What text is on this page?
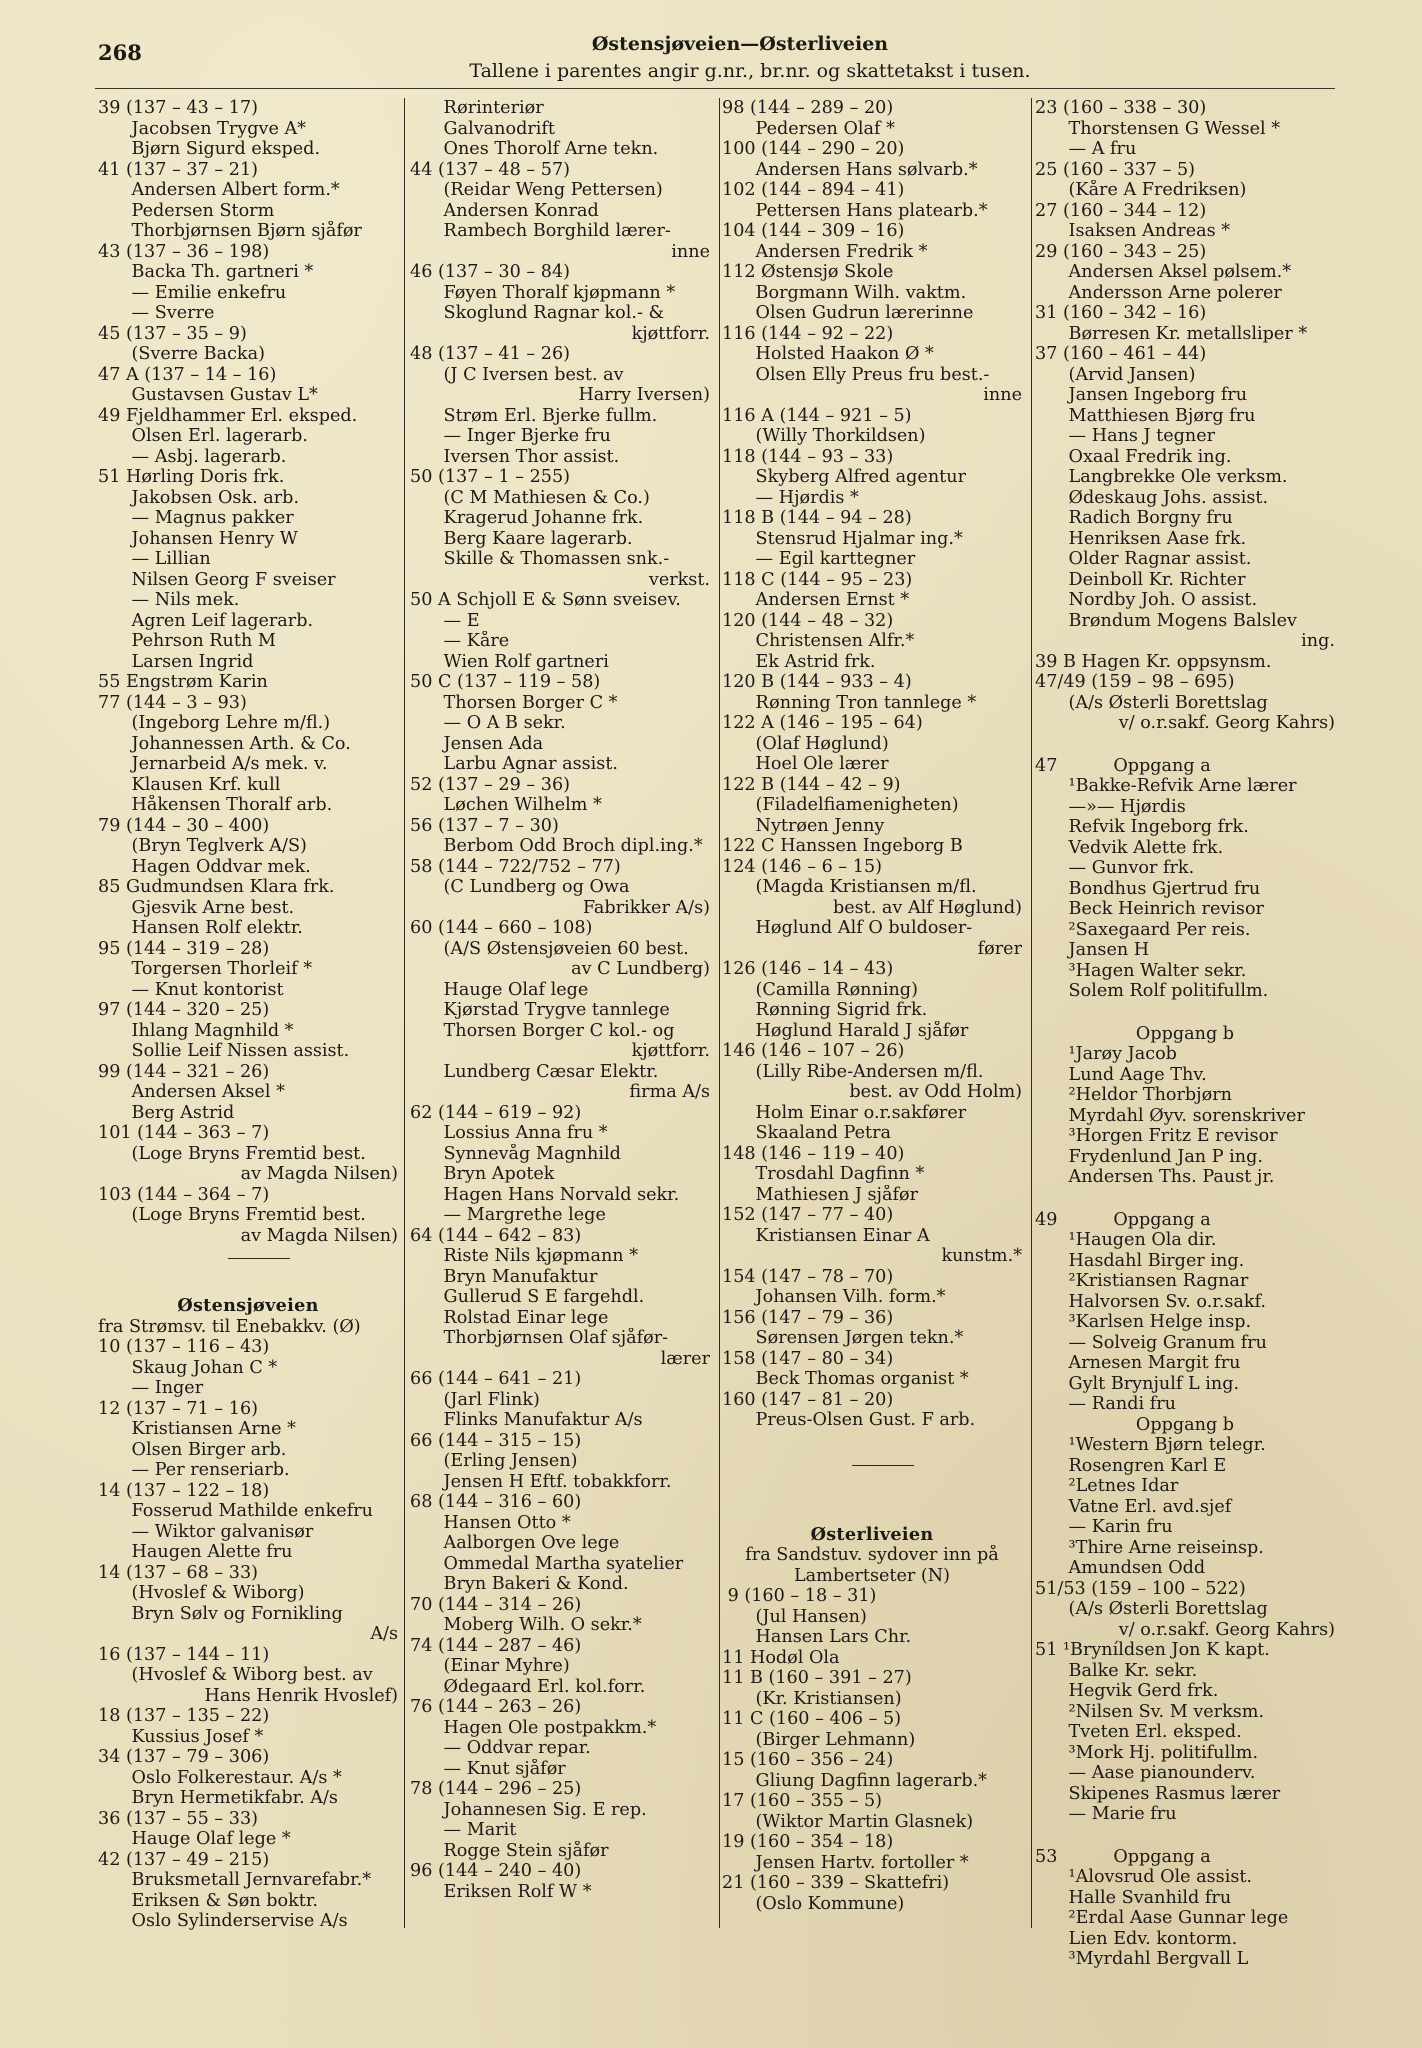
268	Østensjøveien—Østerliveien
Tallene i parentes angir g.nr., br.nr. og skattetakst i tusen.
39 (137 – 43 – 17)
Jacobsen Trygve A*
Bjørn Sigurd eksped.
41 (137 – 37 – 21)
Andersen Albert form.*
Pedersen Storm
Thorbjørnsen Bjørn sjåfør
43 (137 – 36 – 198)
Backa Th. gartneri *
— Emilie enkefru
— Sverre
45 (137 – 35 – 9)
(Sverre Backa)
47 A (137 – 14 – 16)
Gustavsen Gustav L*
49 Fjeldhammer Erl. eksped.
Olsen Erl. lagerarb.
— Asbj. lagerarb.
51 Hørling Doris frk.
Jakobsen Osk. arb.
— Magnus pakker
Johansen Henry W
— Lillian
Nilsen Georg F sveiser
— Nils mek.
Agren Leif lagerarb.
Pehrson Ruth M
Larsen Ingrid
55 Engstrøm Karin
77 (144 – 3 – 93)
(Ingeborg Lehre m/fl.)
Johannessen Arth. & Co.
Jernarbeid A/s mek. v.
Klausen Krf. kull
Håkensen Thoralf arb.
79 (144 – 30 – 400)
(Bryn Teglverk A/S)
Hagen Oddvar mek.
85 Gudmundsen Klara frk.
Gjesvik Arne best.
Hansen Rolf elektr.
95 (144 – 319 – 28)
Torgersen Thorleif *
— Knut kontorist
97 (144 – 320 – 25)
Ihlang Magnhild *
Sollie Leif Nissen assist.
99 (144 – 321 – 26)
Andersen Aksel *
Berg Astrid
101 (144 – 363 – 7)
(Loge Bryns Fremtid best.
av Magda Nilsen)
103 (144 – 364 – 7)
(Loge Bryns Fremtid best.
av Magda Nilsen)
Østensjøveien
fra Strømsv. til Enebakkv. (Ø)
10 (137 – 116 – 43)
Skaug Johan C *
— Inger
12 (137 – 71 – 16)
Kristiansen Arne *
Olsen Birger arb.
— Per renseriarb.
14 (137 – 122 – 18)
Fosserud Mathilde enkefru
— Wiktor galvanisør
Haugen Alette fru
14 (137 – 68 – 33)
(Hvoslef & Wiborg)
Bryn Sølv og Fornikling
A/s
16 (137 – 144 – 11)
(Hvoslef & Wiborg best. av
Hans Henrik Hvoslef)
18 (137 – 135 – 22)
Kussius Josef *
34 (137 – 79 – 306)
Oslo Folkerestaur. A/s *
Bryn Hermetikfabr. A/s
36 (137 – 55 – 33)
Hauge Olaf lege *
42 (137 – 49 – 215)
Bruksmetall Jernvarefabr.*
Eriksen & Søn boktr.
Oslo Sylinderservise A/s
Rørinteriør
Galvanodrift
Ones Thorolf Arne tekn.
44 (137 – 48 – 57)
(Reidar Weng Pettersen)
Andersen Konrad
Rambech Borghild lærer-
inne
46 (137 – 30 – 84)
Føyen Thoralf kjøpmann *
Skoglund Ragnar kol.- &
kjøttforr.
48 (137 – 41 – 26)
(J C Iversen best. av
Harry Iversen)
Strøm Erl. Bjerke fullm.
— Inger Bjerke fru
Iversen Thor assist.
50 (137 – 1 – 255)
(C M Mathiesen & Co.)
Kragerud Johanne frk.
Berg Kaare lagerarb.
Skille & Thomassen snk.-
verkst.
50 A Schjoll E & Sønn sveisev.
— E
— Kåre
Wien Rolf gartneri
50 C (137 – 119 – 58)
Thorsen Borger C *
— O A B sekr.
Jensen Ada
Larbu Agnar assist.
52 (137 – 29 – 36)
Løchen Wilhelm *
56 (137 – 7 – 30)
Berbom Odd Broch dipl.ing.*
58 (144 – 722/752 – 77)
(C Lundberg og Owa
Fabrikker A/s)
60 (144 – 660 – 108)
(A/S Østensjøveien 60 best.
av C Lundberg)
Hauge Olaf lege
Kjørstad Trygve tannlege
Thorsen Borger C kol.- og
kjøttforr.
Lundberg Cæsar Elektr.
firma A/s
62 (144 – 619 – 92)
Lossius Anna fru *
Synnevåg Magnhild
Bryn Apotek
Hagen Hans Norvald sekr.
— Margrethe lege
64 (144 – 642 – 83)
Riste Nils kjøpmann *
Bryn Manufaktur
Gullerud S E fargehdl.
Rolstad Einar lege
Thorbjørnsen Olaf sjåfør-
lærer
66 (144 – 641 – 21)
(Jarl Flink)
Flinks Manufaktur A/s
66 (144 – 315 – 15)
(Erling Jensen)
Jensen H Eftf. tobakkforr.
68 (144 – 316 – 60)
Hansen Otto *
Aalborgen Ove lege
Ommedal Martha syatelier
Bryn Bakeri & Kond.
70 (144 – 314 – 26)
Moberg Wilh. O sekr.*
74 (144 – 287 – 46)
(Einar Myhre)
Ødegaard Erl. kol.forr.
76 (144 – 263 – 26)
Hagen Ole postpakkm.*
— Oddvar repar.
— Knut sjåfør
78 (144 – 296 – 25)
Johannesen Sig. E rep.
— Marit
Rogge Stein sjåfør
96 (144 – 240 – 40)
Eriksen Rolf W *
98 (144 – 289 – 20)
Pedersen Olaf *
100 (144 – 290 – 20)
Andersen Hans sølvarb.*
102 (144 – 894 – 41)
Pettersen Hans platearb.*
104 (144 – 309 – 16)
Andersen Fredrik *
112 Østensjø Skole
Borgmann Wilh. vaktm.
Olsen Gudrun lærerinne
116 (144 – 92 – 22)
Holsted Haakon Ø *
Olsen Elly Preus fru best.-
inne
116 A (144 – 921 – 5)
(Willy Thorkildsen)
118 (144 – 93 – 33)
Skyberg Alfred agentur
— Hjørdis *
118 B (144 – 94 – 28)
Stensrud Hjalmar ing.*
— Egil karttegner
118 C (144 – 95 – 23)
Andersen Ernst *
120 (144 – 48 – 32)
Christensen Alfr.*
Ek Astrid frk.
120 B (144 – 933 – 4)
Rønning Tron tannlege *
122 A (146 – 195 – 64)
(Olaf Høglund)
Hoel Ole lærer
122 B (144 – 42 – 9)
(Filadelfiamenigheten)
Nytrøen Jenny
122 C Hanssen Ingeborg B
124 (146 – 6 – 15)
(Magda Kristiansen m/fl.
best. av Alf Høglund)
Høglund Alf O buldoser-
fører
126 (146 – 14 – 43)
(Camilla Rønning)
Rønning Sigrid frk.
Høglund Harald J sjåfør
146 (146 – 107 – 26)
(Lilly Ribe-Andersen m/fl.
best. av Odd Holm)
Holm Einar o.r.sakfører
Skaaland Petra
148 (146 – 119 – 40)
Trosdahl Dagfinn *
Mathiesen J sjåfør
152 (147 – 77 – 40)
Kristiansen Einar A
kunstm.*
154 (147 – 78 – 70)
Johansen Vilh. form.*
156 (147 – 79 – 36)
Sørensen Jørgen tekn.*
158 (147 – 80 – 34)
Beck Thomas organist *
160 (147 – 81 – 20)
Preus-Olsen Gust. F arb.
Østerliveien
fra Sandstuv. sydover inn på
Lambertseter (N)
9 (160 – 18 – 31)
(Jul Hansen)
Hansen Lars Chr.
11 Hodøl Ola
11 B (160 – 391 – 27)
(Kr. Kristiansen)
11 C (160 – 406 – 5)
(Birger Lehmann)
15 (160 – 356 – 24)
Gliung Dagfinn lagerarb.*
17 (160 – 355 – 5)
(Wiktor Martin Glasnek)
19 (160 – 354 – 18)
Jensen Hartv. fortoller *
21 (160 – 339 – Skattefri)
(Oslo Kommune)
23 (160 – 338 – 30)
Thorstensen G Wessel *
— A fru
25 (160 – 337 – 5)
(Kåre A Fredriksen)
27 (160 – 344 – 12)
Isaksen Andreas *
29 (160 – 343 – 25)
Andersen Aksel pølsem.*
Andersson Arne polerer
31 (160 – 342 – 16)
Børresen Kr. metallsliper *
37 (160 – 461 – 44)
(Arvid Jansen)
Jansen Ingeborg fru
Matthiesen Bjørg fru
— Hans J tegner
Oxaal Fredrik ing.
Langbrekke Ole verksm.
Ødeskaug Johs. assist.
Radich Borgny fru
Henriksen Aase frk.
Older Ragnar assist.
Deinboll Kr. Richter
Nordby Joh. O assist.
Brøndum Mogens Balslev
ing.
39 B Hagen Kr. oppsynsm.
47/49 (159 – 98 – 695)
(A/s Østerli Borettslag
v/ o.r.sakf. Georg Kahrs)
47          Oppgang a
¹Bakke-Refvik Arne lærer
—»— Hjørdis
Refvik Ingeborg frk.
Vedvik Alette frk.
— Gunvor frk.
Bondhus Gjertrud fru
Beck Heinrich revisor
²Saxegaard Per reis.
Jansen H
³Hagen Walter sekr.
Solem Rolf politifullm.
Oppgang b
¹Jarøy Jacob
Lund Aage Thv.
²Heldor Thorbjørn
Myrdahl Øyv. sorenskriver
³Horgen Fritz E revisor
Frydenlund Jan P ing.
Andersen Ths. Paust jr.
49          Oppgang a
¹Haugen Ola dir.
Hasdahl Birger ing.
²Kristiansen Ragnar
Halvorsen Sv. o.r.sakf.
³Karlsen Helge insp.
— Solveig Granum fru
Arnesen Margit fru
Gylt Brynjulf L ing.
— Randi fru
Oppgang b
¹Western Bjørn telegr.
Rosengren Karl E
²Letnes Idar
Vatne Erl. avd.sjef
— Karin fru
³Thire Arne reiseinsp.
Amundsen Odd
51/53 (159 – 100 – 522)
(A/s Østerli Borettslag
v/ o.r.sakf. Georg Kahrs)
51 ¹Bryníldsen Jon K kapt.
Balke Kr. sekr.
Hegvik Gerd frk.
²Nilsen Sv. M verksm.
Tveten Erl. eksped.
³Mork Hj. politifullm.
— Aase pianounderv.
Skipenes Rasmus lærer
— Marie fru
53          Oppgang a
¹Alovsrud Ole assist.
Halle Svanhild fru
²Erdal Aase Gunnar lege
Lien Edv. kontorm.
³Myrdahl Bergvall L
